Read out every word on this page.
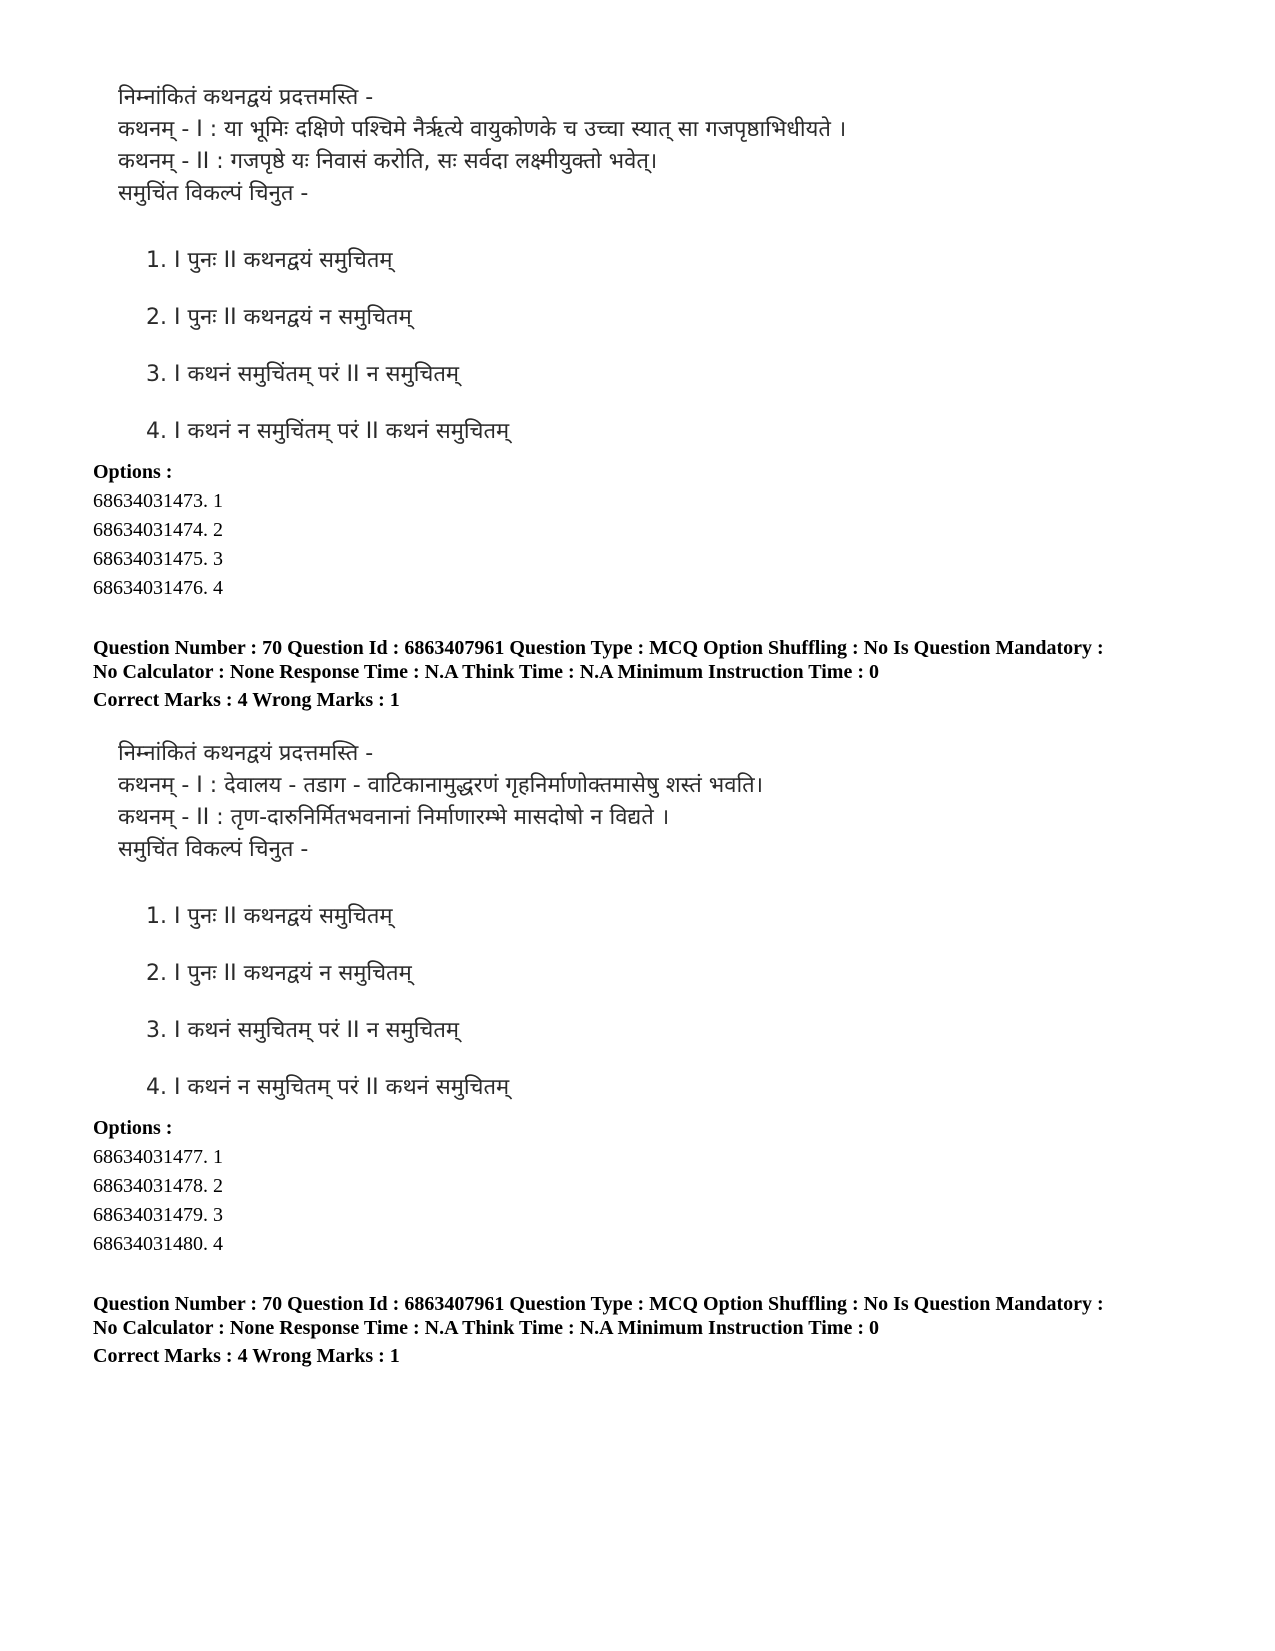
निम्नांकितं कथनद्वयं प्रदत्तमस्ति -
कथनम् - I : या भूमिः दक्षिणे पश्चिमे नैर्ऋत्ये वायुकोणके च उच्चा स्यात् सा गजपृष्ठाभिधीयते ।
कथनम् - II : गजपृष्ठे यः निवासं करोति, सः सर्वदा लक्ष्मीयुक्तो भवेत्।
समुचिंत विकल्पं चिनुत -
1. I पुनः II कथनद्वयं समुचितम्
2. I पुनः II कथनद्वयं न समुचितम्
3. I कथनं समुचिंतम् परं II न समुचितम्
4. I कथनं न समुचिंतम् परं II कथनं समुचितम्
Options :
68634031473. 1
68634031474. 2
68634031475. 3
68634031476. 4
Question Number : 70 Question Id : 6863407961 Question Type : MCQ Option Shuffling : No Is Question Mandatory :
No Calculator : None Response Time : N.A Think Time : N.A Minimum Instruction Time : 0
Correct Marks : 4 Wrong Marks : 1
निम्नांकितं कथनद्वयं प्रदत्तमस्ति -
कथनम् - I : देवालय - तडाग - वाटिकानामुद्धरणं गृहनिर्माणोक्तमासेषु शस्तं भवति।
कथनम् - II : तृण-दारुनिर्मितभवनानां निर्माणारम्भे मासदोषो न विद्यते ।
समुचिंत विकल्पं चिनुत -
1. I पुनः II कथनद्वयं समुचितम्
2. I पुनः II कथनद्वयं न समुचितम्
3. I कथनं समुचितम् परं II न समुचितम्
4. I कथनं न समुचितम् परं II कथनं समुचितम्
Options :
68634031477. 1
68634031478. 2
68634031479. 3
68634031480. 4
Question Number : 70 Question Id : 6863407961 Question Type : MCQ Option Shuffling : No Is Question Mandatory :
No Calculator : None Response Time : N.A Think Time : N.A Minimum Instruction Time : 0
Correct Marks : 4 Wrong Marks : 1
